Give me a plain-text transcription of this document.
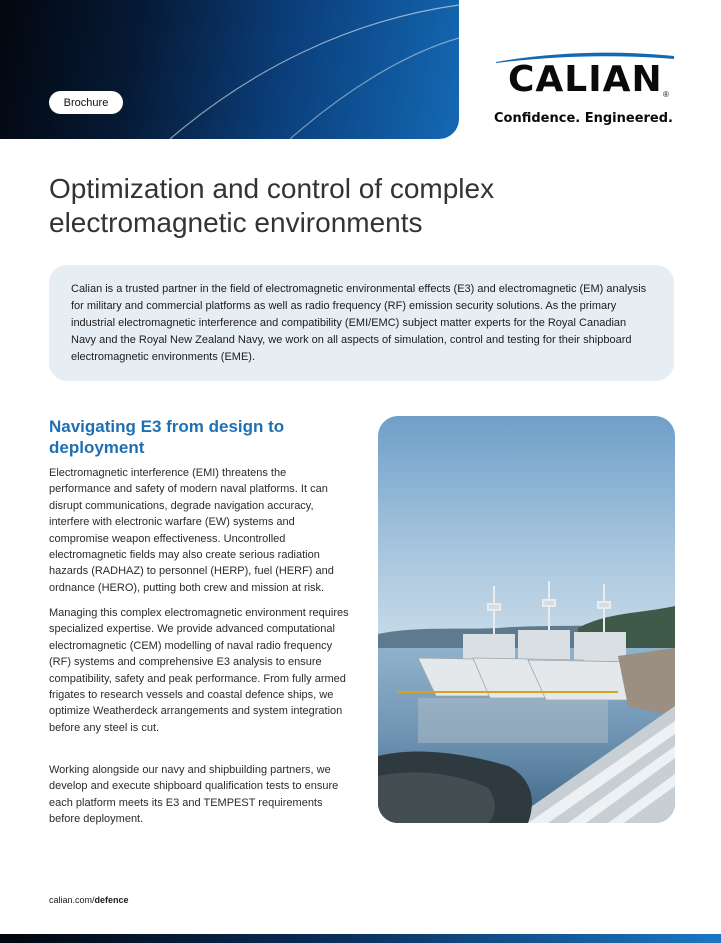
Brochure
CALIAN ®
Confidence. Engineered.
Optimization and control of complex electromagnetic environments
Calian is a trusted partner in the field of electromagnetic environmental effects (E3) and electromagnetic (EM) analysis for military and commercial platforms as well as radio frequency (RF) emission security solutions. As the primary industrial electromagnetic interference and compatibility (EMI/EMC) subject matter experts for the Royal Canadian Navy and the Royal New Zealand Navy, we work on all aspects of simulation, control and testing for their shipboard electromagnetic environments (EME).
Navigating E3 from design to deployment

Electromagnetic interference (EMI) threatens the performance and safety of modern naval platforms. It can disrupt communications, degrade navigation accuracy, interfere with electronic warfare (EW) systems and compromise weapon effectiveness. Uncontrolled electromagnetic fields may also create serious radiation hazards (RADHAZ) to personnel (HERP), fuel (HERF) and ordnance (HERO), putting both crew and mission at risk.

Managing this complex electromagnetic environment requires specialized expertise. We provide advanced computational electromagnetic (CEM) modelling of naval radio frequency (RF) systems and comprehensive E3 analysis to ensure compatibility, safety and peak performance. From fully armed frigates to research vessels and coastal defence ships, we optimize Weatherdeck arrangements and system integration before any steel is cut.

Working alongside our navy and shipbuilding partners, we develop and execute shipboard qualification tests to ensure each platform meets its E3 and TEMPEST requirements before deployment.

calian.com/defence
